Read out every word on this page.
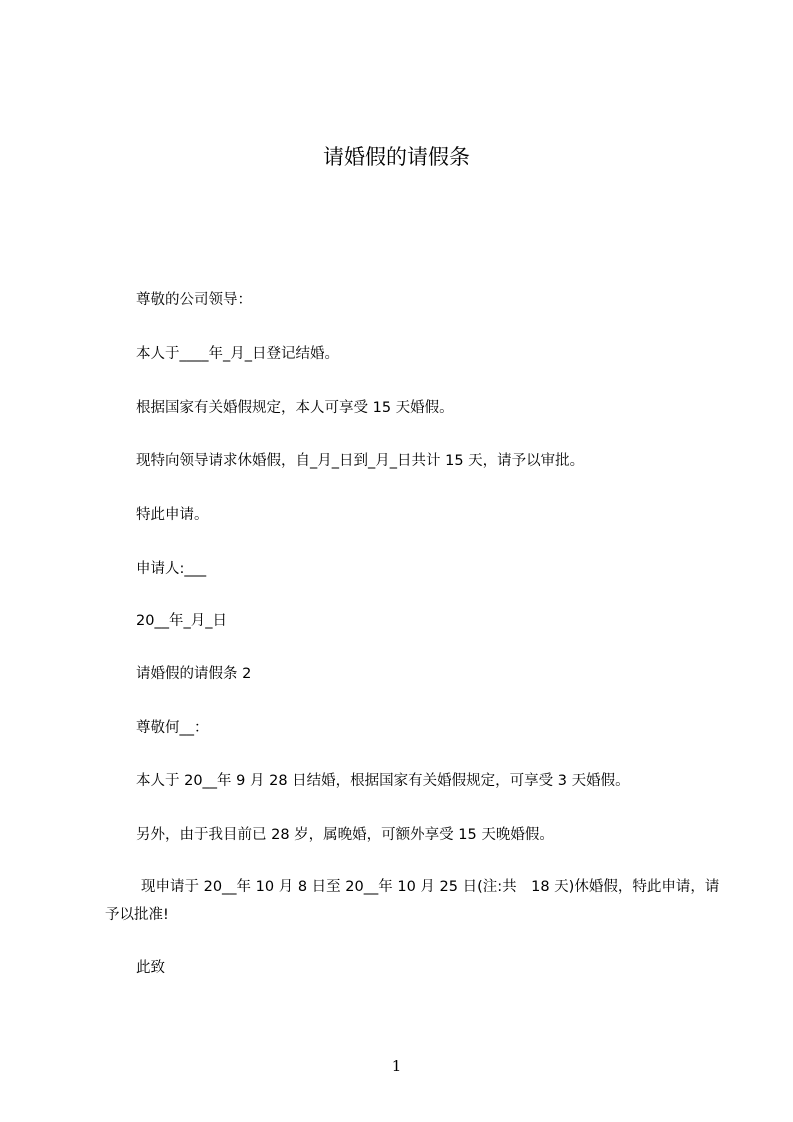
请婚假的请假条

尊敬的公司领导：

本人于____年_月_日登记结婚。

根据国家有关婚假规定，本人可享受 15 天婚假。

现特向领导请求休婚假，自_月_日到_月_日共计 15 天，请予以审批。

特此申请。

申请人:___

20__年_月_日

请婚假的请假条 2

尊敬何__：

本人于 20__年 9 月 28 日结婚，根据国家有关婚假规定，可享受 3 天婚假。

另外，由于我目前已 28 岁，属晚婚，可额外享受 15 天晚婚假。

现申请于 20__年 10 月 8 日至 20__年 10 月 25 日(注:共　18 天)休婚假，特此申请，请予以批准!

此致

1
